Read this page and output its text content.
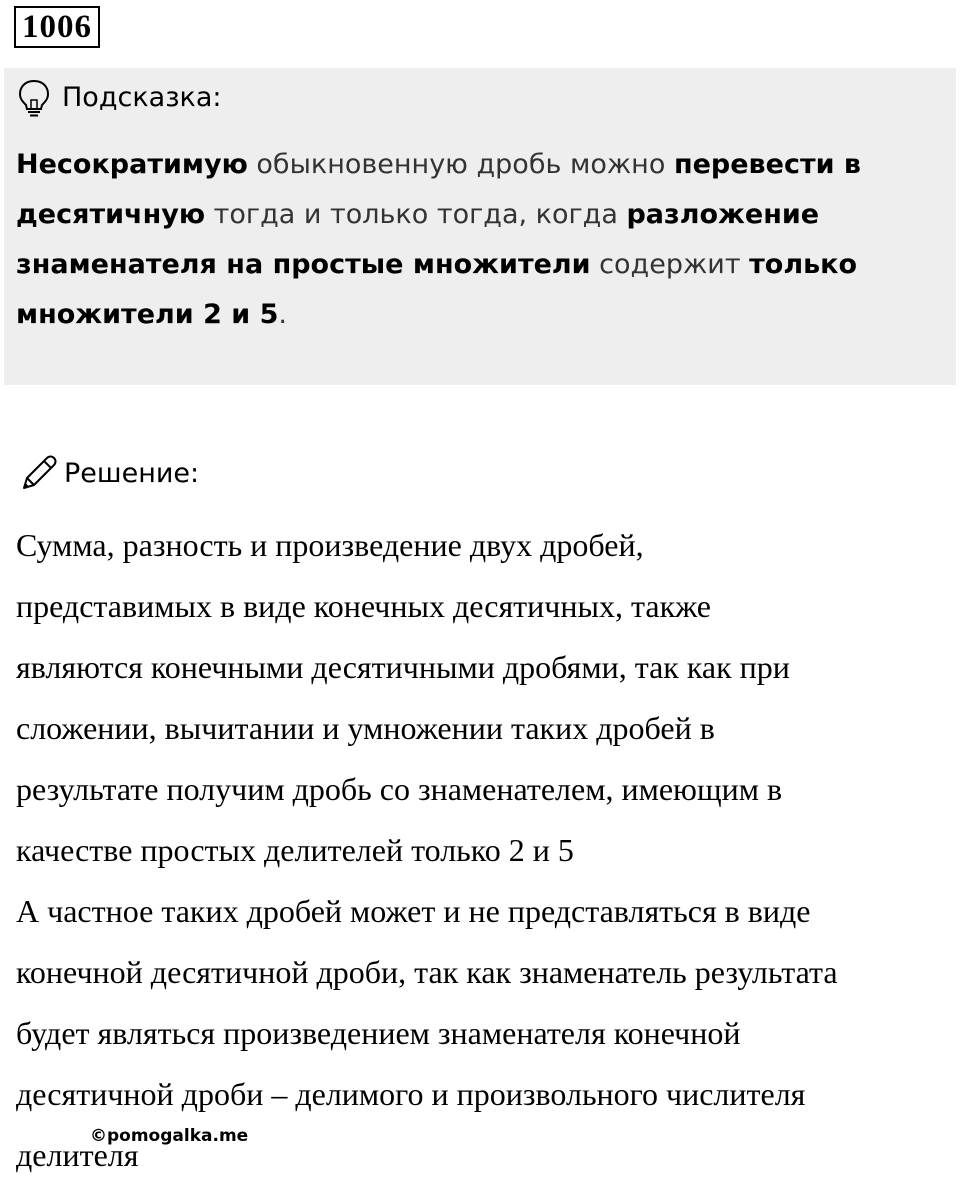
1006
Подсказка:
Несократимую обыкновенную дробь можно перевести в десятичную тогда и только тогда, когда разложение знаменателя на простые множители содержит только множители 2 и 5.
Решение:
Сумма, разность и произведение двух дробей,
представимых в виде конечных десятичных, также
являются конечными десятичными дробями, так как при
сложении, вычитании и умножении таких дробей в
результате получим дробь со знаменателем, имеющим в
качестве простых делителей только 2 и 5
А частное таких дробей может и не представляться в виде
конечной десятичной дроби, так как знаменатель результата
будет являться произведением знаменателя конечной
десятичной дроби – делимого и произвольного числителя
делителя
©pomogalka.me
